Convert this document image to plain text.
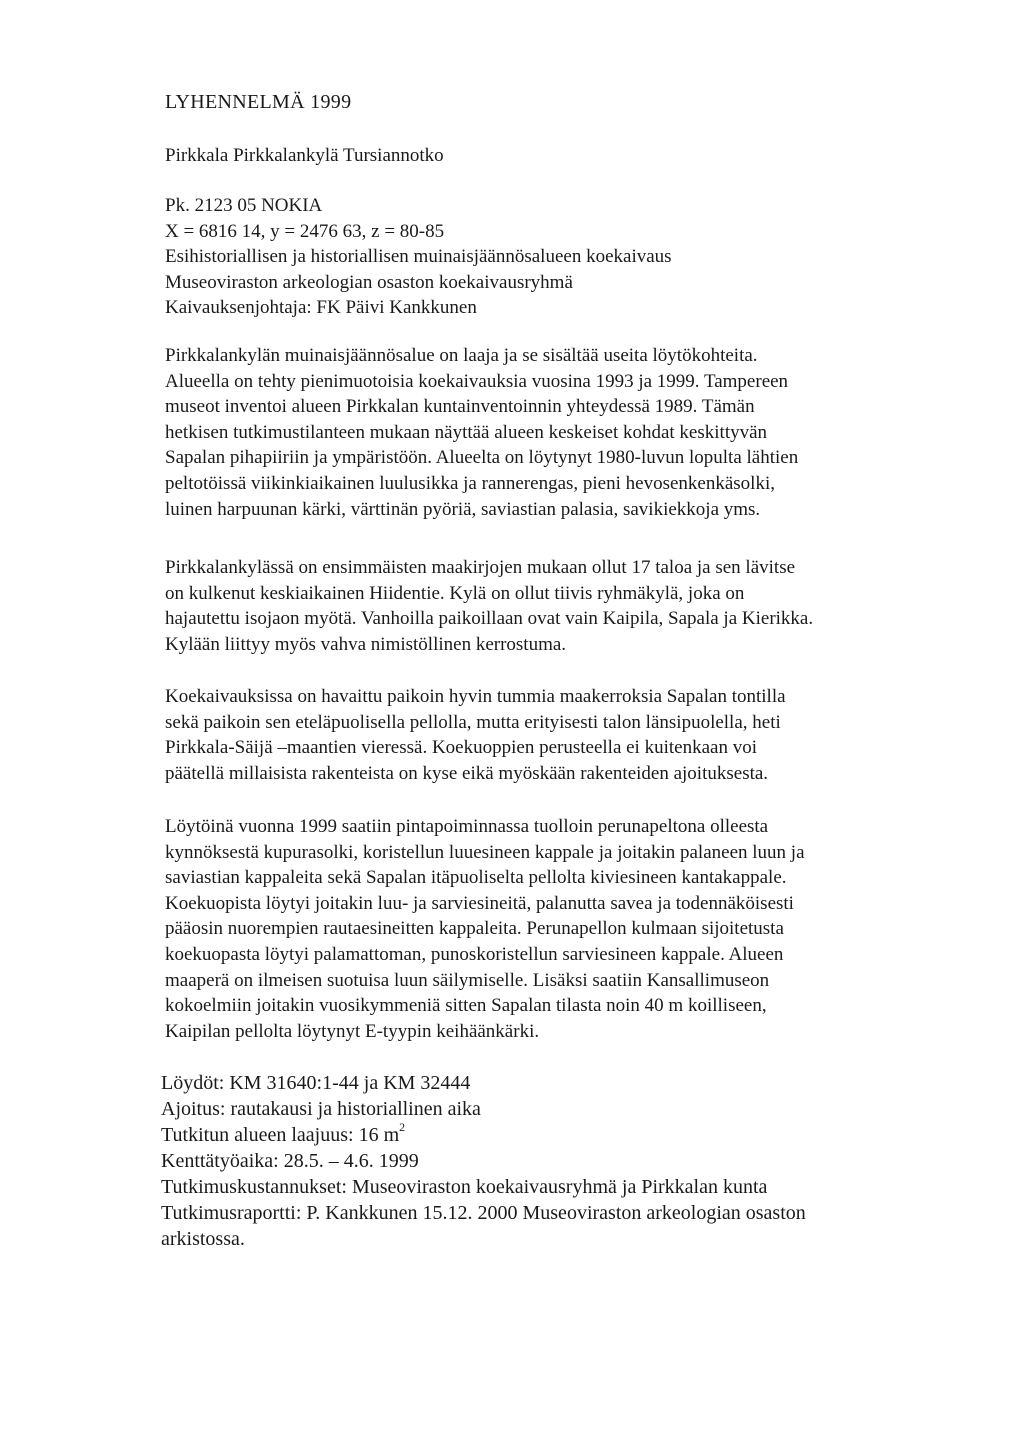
LYHENNELMÄ 1999
Pirkkala Pirkkalankylä Tursiannotko
Pk. 2123 05 NOKIA
X = 6816 14, y = 2476 63, z = 80-85
Esihistoriallisen ja historiallisen muinaisjäännösalueen koekaivaus
Museoviraston arkeologian osaston koekaivausryhmä
Kaivauksenjohtaja: FK Päivi Kankkunen
Pirkkalankylän muinaisjäännösalue on laaja ja se sisältää useita löytökohteita.
Alueella on tehty pienimuotoisia koekaivauksia vuosina 1993 ja 1999. Tampereen
museot inventoi alueen Pirkkalan kuntainventoinnin yhteydessä 1989. Tämän
hetkisen tutkimustilanteen mukaan näyttää alueen keskeiset kohdat keskittyvän
Sapalan pihapiiriin ja ympäristöön. Alueelta on löytynyt 1980-luvun lopulta lähtien
peltotöissä viikinkiaikainen luulusikka ja rannerengas, pieni hevosenkenkäsolki,
luinen harpuunan kärki, värttinän pyöriä, saviastian palasia, savikiekkoja yms.
Pirkkalankylässä on ensimmäisten maakirjojen mukaan ollut 17 taloa ja sen lävitse
on kulkenut keskiaikainen Hiidentie. Kylä on ollut tiivis ryhmäkylä, joka on
hajautettu isojaon myötä. Vanhoilla paikoillaan ovat vain Kaipila, Sapala ja Kierikka.
Kylään liittyy myös vahva nimistöllinen kerrostuma.
Koekaivauksissa on havaittu paikoin hyvin tummia maakerroksia Sapalan tontilla
sekä paikoin sen eteläpuolisella pellolla, mutta erityisesti talon länsipuolella, heti
Pirkkala-Säijä –maantien vieressä. Koekuoppien perusteella ei kuitenkaan voi
päätellä millaisista rakenteista on kyse eikä myöskään rakenteiden ajoituksesta.
Löytöinä vuonna 1999 saatiin pintapoiminnassa tuolloin perunapeltona olleesta
kynnöksestä kupurasolki, koristellun luuesineen kappale ja joitakin palaneen luun ja
saviastian kappaleita sekä Sapalan itäpuoliselta pellolta kiviesineen kantakappale.
Koekuopista löytyi joitakin luu- ja sarviesineitä, palanutta savea ja todennäköisesti
pääosin nuorempien rautaesineitten kappaleita. Perunapellon kulmaan sijoitetusta
koekuopasta löytyi palamattoman, punoskoristellun sarviesineen kappale. Alueen
maaperä on ilmeisen suotuisa luun säilymiselle. Lisäksi saatiin Kansallimuseon
kokoelmiin joitakin vuosikymmeniä sitten Sapalan tilasta noin 40 m koilliseen,
Kaipilan pellolta löytynyt E-tyypin keihäänkärki.
Löydöt: KM 31640:1-44 ja KM 32444
Ajoitus: rautakausi ja historiallinen aika
Tutkitun alueen laajuus: 16 $m^2$
Kenttätyöaika: 28.5. – 4.6. 1999
Tutkimuskustannukset: Museoviraston koekaivausryhmä ja Pirkkalan kunta
Tutkimusraportti: P. Kankkunen 15.12. 2000 Museoviraston arkeologian osaston
arkistossa.
